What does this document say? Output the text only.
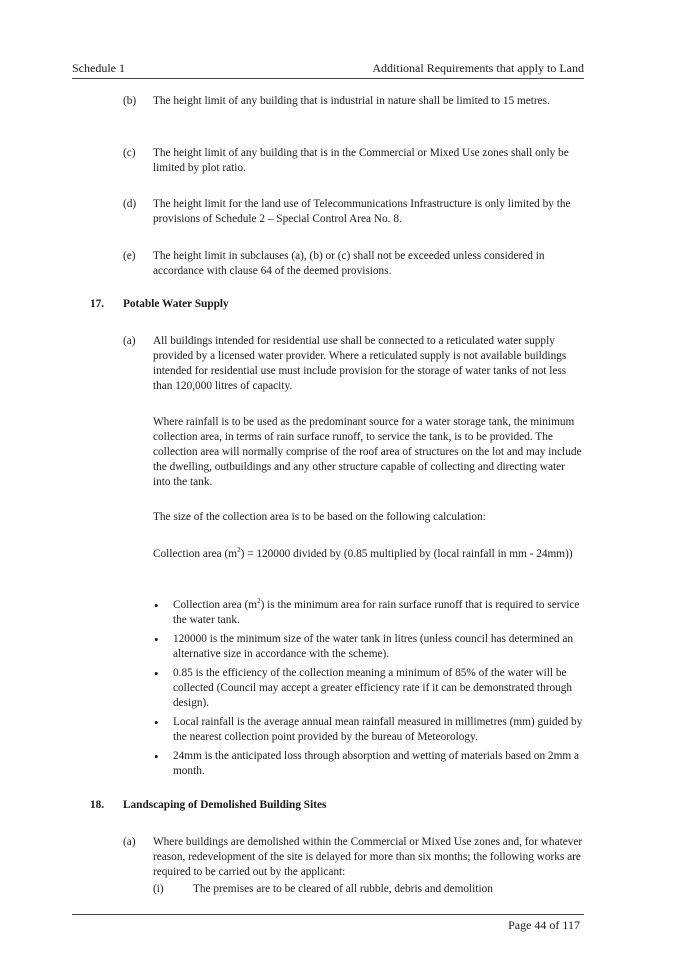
Schedule 1	Additional Requirements that apply to Land
(b) The height limit of any building that is industrial in nature shall be limited to 15 metres.
(c) The height limit of any building that is in the Commercial or Mixed Use zones shall only be limited by plot ratio.
(d) The height limit for the land use of Telecommunications Infrastructure is only limited by the provisions of Schedule 2 – Special Control Area No. 8.
(e) The height limit in subclauses (a), (b) or (c) shall not be exceeded unless considered in accordance with clause 64 of the deemed provisions.
17. Potable Water Supply
(a) All buildings intended for residential use shall be connected to a reticulated water supply provided by a licensed water provider. Where a reticulated supply is not available buildings intended for residential use must include provision for the storage of water tanks of not less than 120,000 litres of capacity.
Where rainfall is to be used as the predominant source for a water storage tank, the minimum collection area, in terms of rain surface runoff, to service the tank, is to be provided. The collection area will normally comprise of the roof area of structures on the lot and may include the dwelling, outbuildings and any other structure capable of collecting and directing water into the tank.
The size of the collection area is to be based on the following calculation:
Collection area $(m^2) = 120000$ divided by (0.85 multiplied by (local rainfall in mm - 24mm))
• Collection area $(m^2)$ is the minimum area for rain surface runoff that is required to service the water tank.
• 120000 is the minimum size of the water tank in litres (unless council has determined an alternative size in accordance with the scheme).
• 0.85 is the efficiency of the collection meaning a minimum of 85% of the water will be collected (Council may accept a greater efficiency rate if it can be demonstrated through design).
• Local rainfall is the average annual mean rainfall measured in millimetres (mm) guided by the nearest collection point provided by the bureau of Meteorology.
• 24mm is the anticipated loss through absorption and wetting of materials based on 2mm a month.
18. Landscaping of Demolished Building Sites
(a) Where buildings are demolished within the Commercial or Mixed Use zones and, for whatever reason, redevelopment of the site is delayed for more than six months; the following works are required to be carried out by the applicant:
(i)	The premises are to be cleared of all rubble, debris and demolition
Page 44 of 117
